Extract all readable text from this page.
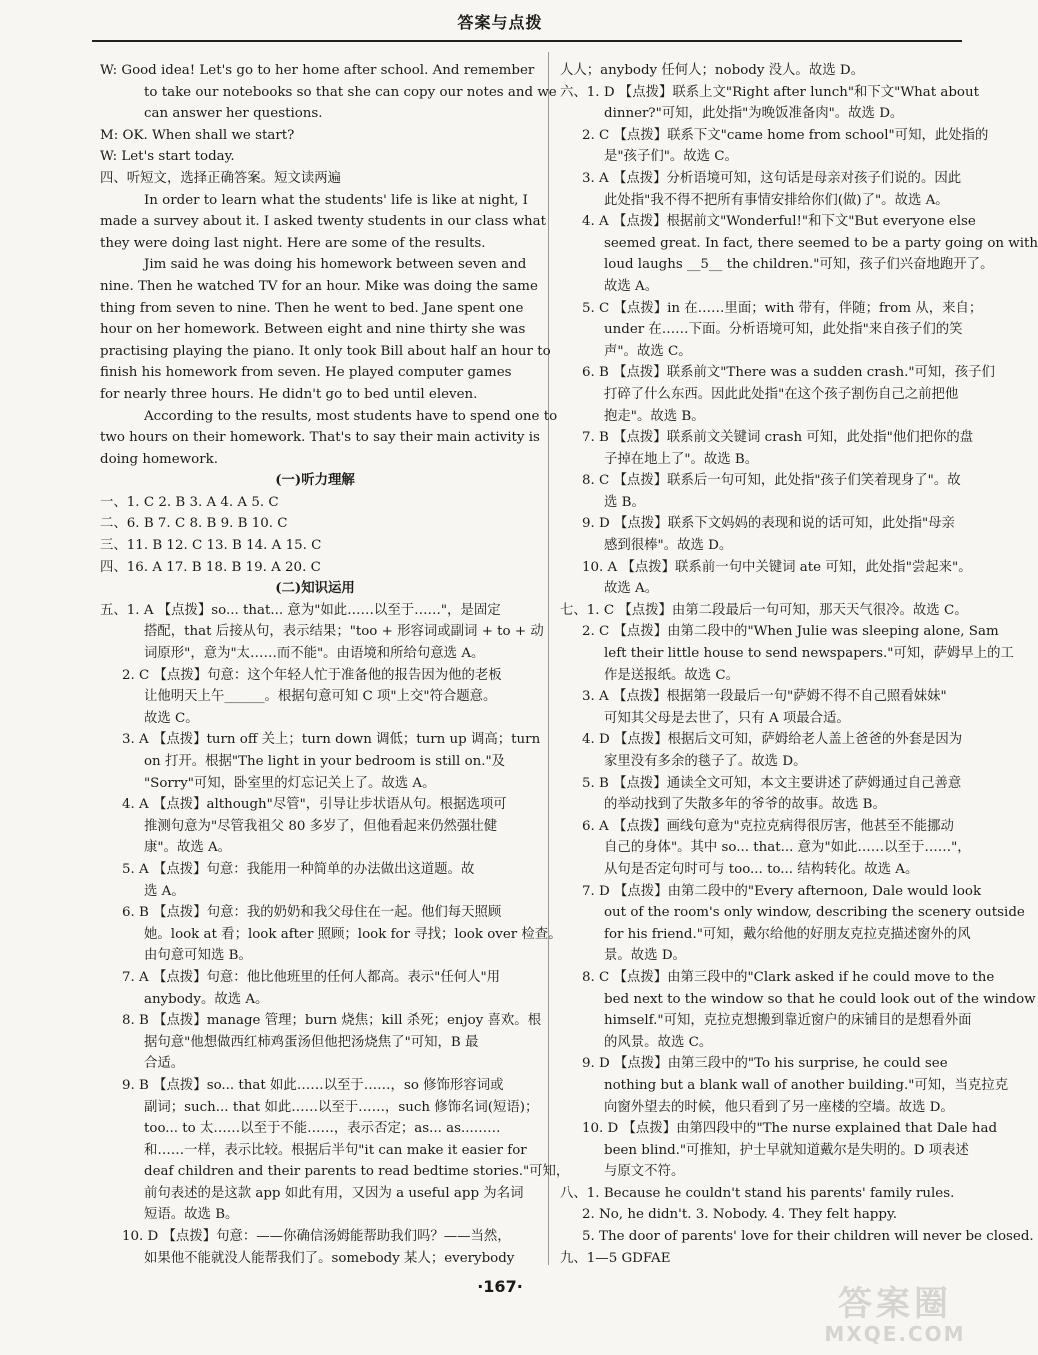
答案与点拨
W: Good idea! Let's go to her home after school. And remember
to take our notebooks so that she can copy our notes and we
can answer her questions.
M: OK. When shall we start?
W: Let's start today.
四、听短文，选择正确答案。短文读两遍
In order to learn what the students' life is like at night, I
made a survey about it. I asked twenty students in our class what
they were doing last night. Here are some of the results.
Jim said he was doing his homework between seven and
nine. Then he watched TV for an hour. Mike was doing the same
thing from seven to nine. Then he went to bed. Jane spent one
hour on her homework. Between eight and nine thirty she was
practising playing the piano. It only took Bill about half an hour to
finish his homework from seven. He played computer games
for nearly three hours. He didn't go to bed until eleven.
According to the results, most students have to spend one to
two hours on their homework. That's to say their main activity is
doing homework.
(一)听力理解
一、1. C 2. B 3. A 4. A 5. C
二、6. B 7. C 8. B 9. B 10. C
三、11. B 12. C 13. B 14. A 15. C
四、16. A 17. B 18. B 19. A 20. C
(二)知识运用
五、1. A 【点拨】so... that... 意为"如此……以至于……"，是固定
搭配，that 后接从句，表示结果；"too + 形容词或副词 + to + 动
词原形"，意为"太……而不能"。由语境和所给句意选 A。
2. C 【点拨】句意：这个年轻人忙于准备他的报告因为他的老板
让他明天上午______。根据句意可知 C 项"上交"符合题意。
故选 C。
3. A 【点拨】turn off 关上；turn down 调低；turn up 调高；turn
on 打开。根据"The light in your bedroom is still on."及
"Sorry"可知，卧室里的灯忘记关上了。故选 A。
4. A 【点拨】although"尽管"，引导让步状语从句。根据选项可
推测句意为"尽管我祖父 80 多岁了，但他看起来仍然强壮健
康"。故选 A。
5. A 【点拨】句意：我能用一种简单的办法做出这道题。故
选 A。
6. B 【点拨】句意：我的奶奶和我父母住在一起。他们每天照顾
她。look at 看；look after 照顾；look for 寻找；look over 检查。
由句意可知选 B。
7. A 【点拨】句意：他比他班里的任何人都高。表示"任何人"用
anybody。故选 A。
8. B 【点拨】manage 管理；burn 烧焦；kill 杀死；enjoy 喜欢。根
据句意"他想做西红柿鸡蛋汤但他把汤烧焦了"可知，B 最
合适。
9. B 【点拨】so... that 如此……以至于……，so 修饰形容词或
副词；such... that 如此……以至于……，such 修饰名词(短语)；
too... to 太……以至于不能……，表示否定；as... as...……
和……一样，表示比较。根据后半句"it can make it easier for
deaf children and their parents to read bedtime stories."可知，
前句表述的是这款 app 如此有用，又因为 a useful app 为名词
短语。故选 B。
10. D 【点拨】句意：——你确信汤姆能帮助我们吗？——当然，
如果他不能就没人能帮我们了。somebody 某人；everybody
人人；anybody 任何人；nobody 没人。故选 D。
六、1. D 【点拨】联系上文"Right after lunch"和下文"What about
dinner?"可知，此处指"为晚饭准备肉"。故选 D。
2. C 【点拨】联系下文"came home from school"可知，此处指的
是"孩子们"。故选 C。
3. A 【点拨】分析语境可知，这句话是母亲对孩子们说的。因此
此处指"我不得不把所有事情安排给你们(做)了"。故选 A。
4. A 【点拨】根据前文"Wonderful!"和下文"But everyone else
seemed great. In fact, there seemed to be a party going on with
loud laughs __5__ the children."可知，孩子们兴奋地跑开了。
故选 A。
5. C 【点拨】in 在……里面；with 带有，伴随；from 从，来自；
under 在……下面。分析语境可知，此处指"来自孩子们的笑
声"。故选 C。
6. B 【点拨】联系前文"There was a sudden crash."可知，孩子们
打碎了什么东西。因此此处指"在这个孩子割伤自己之前把他
抱走"。故选 B。
7. B 【点拨】联系前文关键词 crash 可知，此处指"他们把你的盘
子掉在地上了"。故选 B。
8. C 【点拨】联系后一句可知，此处指"孩子们笑着现身了"。故
选 B。
9. D 【点拨】联系下文妈妈的表现和说的话可知，此处指"母亲
感到很棒"。故选 D。
10. A 【点拨】联系前一句中关键词 ate 可知，此处指"尝起来"。
故选 A。
七、1. C 【点拨】由第二段最后一句可知，那天天气很冷。故选 C。
2. C 【点拨】由第二段中的"When Julie was sleeping alone, Sam
left their little house to send newspapers."可知，萨姆早上的工
作是送报纸。故选 C。
3. A 【点拨】根据第一段最后一句"萨姆不得不自己照看妹妹"
可知其父母是去世了，只有 A 项最合适。
4. D 【点拨】根据后文可知，萨姆给老人盖上爸爸的外套是因为
家里没有多余的毯子了。故选 D。
5. B 【点拨】通读全文可知，本文主要讲述了萨姆通过自己善意
的举动找到了失散多年的爷爷的故事。故选 B。
6. A 【点拨】画线句意为"克拉克病得很厉害，他甚至不能挪动
自己的身体"。其中 so... that... 意为"如此……以至于……"，
从句是否定句时可与 too... to... 结构转化。故选 A。
7. D 【点拨】由第二段中的"Every afternoon, Dale would look
out of the room's only window, describing the scenery outside
for his friend."可知，戴尔给他的好朋友克拉克描述窗外的风
景。故选 D。
8. C 【点拨】由第三段中的"Clark asked if he could move to the
bed next to the window so that he could look out of the window
himself."可知，克拉克想搬到靠近窗户的床铺目的是想看外面
的风景。故选 C。
9. D 【点拨】由第三段中的"To his surprise, he could see
nothing but a blank wall of another building."可知，当克拉克
向窗外望去的时候，他只看到了另一座楼的空墙。故选 D。
10. D 【点拨】由第四段中的"The nurse explained that Dale had
been blind."可推知，护士早就知道戴尔是失明的。D 项表述
与原文不符。
八、1. Because he couldn't stand his parents' family rules.
2. No, he didn't. 3. Nobody. 4. They felt happy.
5. The door of parents' love for their children will never be closed.
九、1—5 GDFAE
·167·	答案圈
MXQE.COM
